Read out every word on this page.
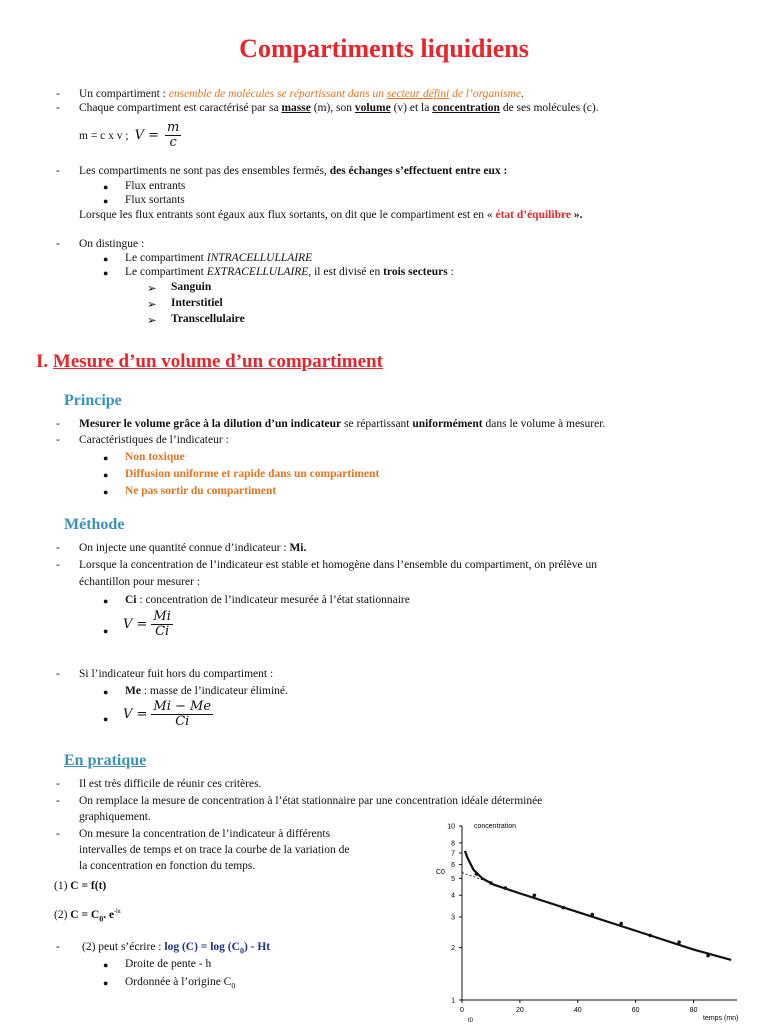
Compartiments liquidiens
- Un compartiment : ensemble de molécules se répartissant dans un secteur défini de l’organisme.
- Chaque compartiment est caractérisé par sa masse (m), son volume (v) et la concentration de ses molécules (c).
m = c x v ; $V = \frac{m}{c}$
- Les compartiments ne sont pas des ensembles fermés, des échanges s’effectuent entre eux :
● Flux entrants
● Flux sortants
Lorsque les flux entrants sont égaux aux flux sortants, on dit que le compartiment est en « état d’équilibre ».
- On distingue :
● Le compartiment INTRACELLULLAIRE
● Le compartiment EXTRACELLULAIRE, il est divisé en trois secteurs :
➢ Sanguin
➢ Interstitiel
➢ Transcellulaire
I. Mesure d’un volume d’un compartiment
Principe
- Mesurer le volume grâce à la dilution d’un indicateur se répartissant uniformément dans le volume à mesurer.
- Caractéristiques de l’indicateur :
● Non toxique
● Diffusion uniforme et rapide dans un compartiment
● Ne pas sortir du compartiment
Méthode
- On injecte une quantité connue d’indicateur : Mi.
- Lorsque la concentration de l’indicateur est stable et homogène dans l’ensemble du compartiment, on prélève un
échantillon pour mesurer :
● Ci : concentration de l’indicateur mesurée à l’état stationnaire
● $V = \frac{Mi}{Ci}$
- Si l’indicateur fuit hors du compartiment :
● Me : masse de l’indicateur éliminé.
● $V = \frac{Mi - Me}{Ci}$
En pratique
- Il est très difficile de réunir ces critères.
- On remplace la mesure de concentration à l’état stationnaire par une concentration idéale déterminée
graphiquement.
- On mesure la concentration de l’indicateur à différents
intervalles de temps et on trace la courbe de la variation de
la concentration en fonction du temps.
(1) C = f(t)
(2) $C = C_0$. $e^{-ht}$
- (2) peut s’écrire : $\log (C) = \log (C_0) - Ht$
● Droite de pente - h
● Ordonnée à l’origine $C_0$
1
2
3
4
5
6
7
8
10
0	20	40	60	80
concentration
temps (mn)
C0
t0
